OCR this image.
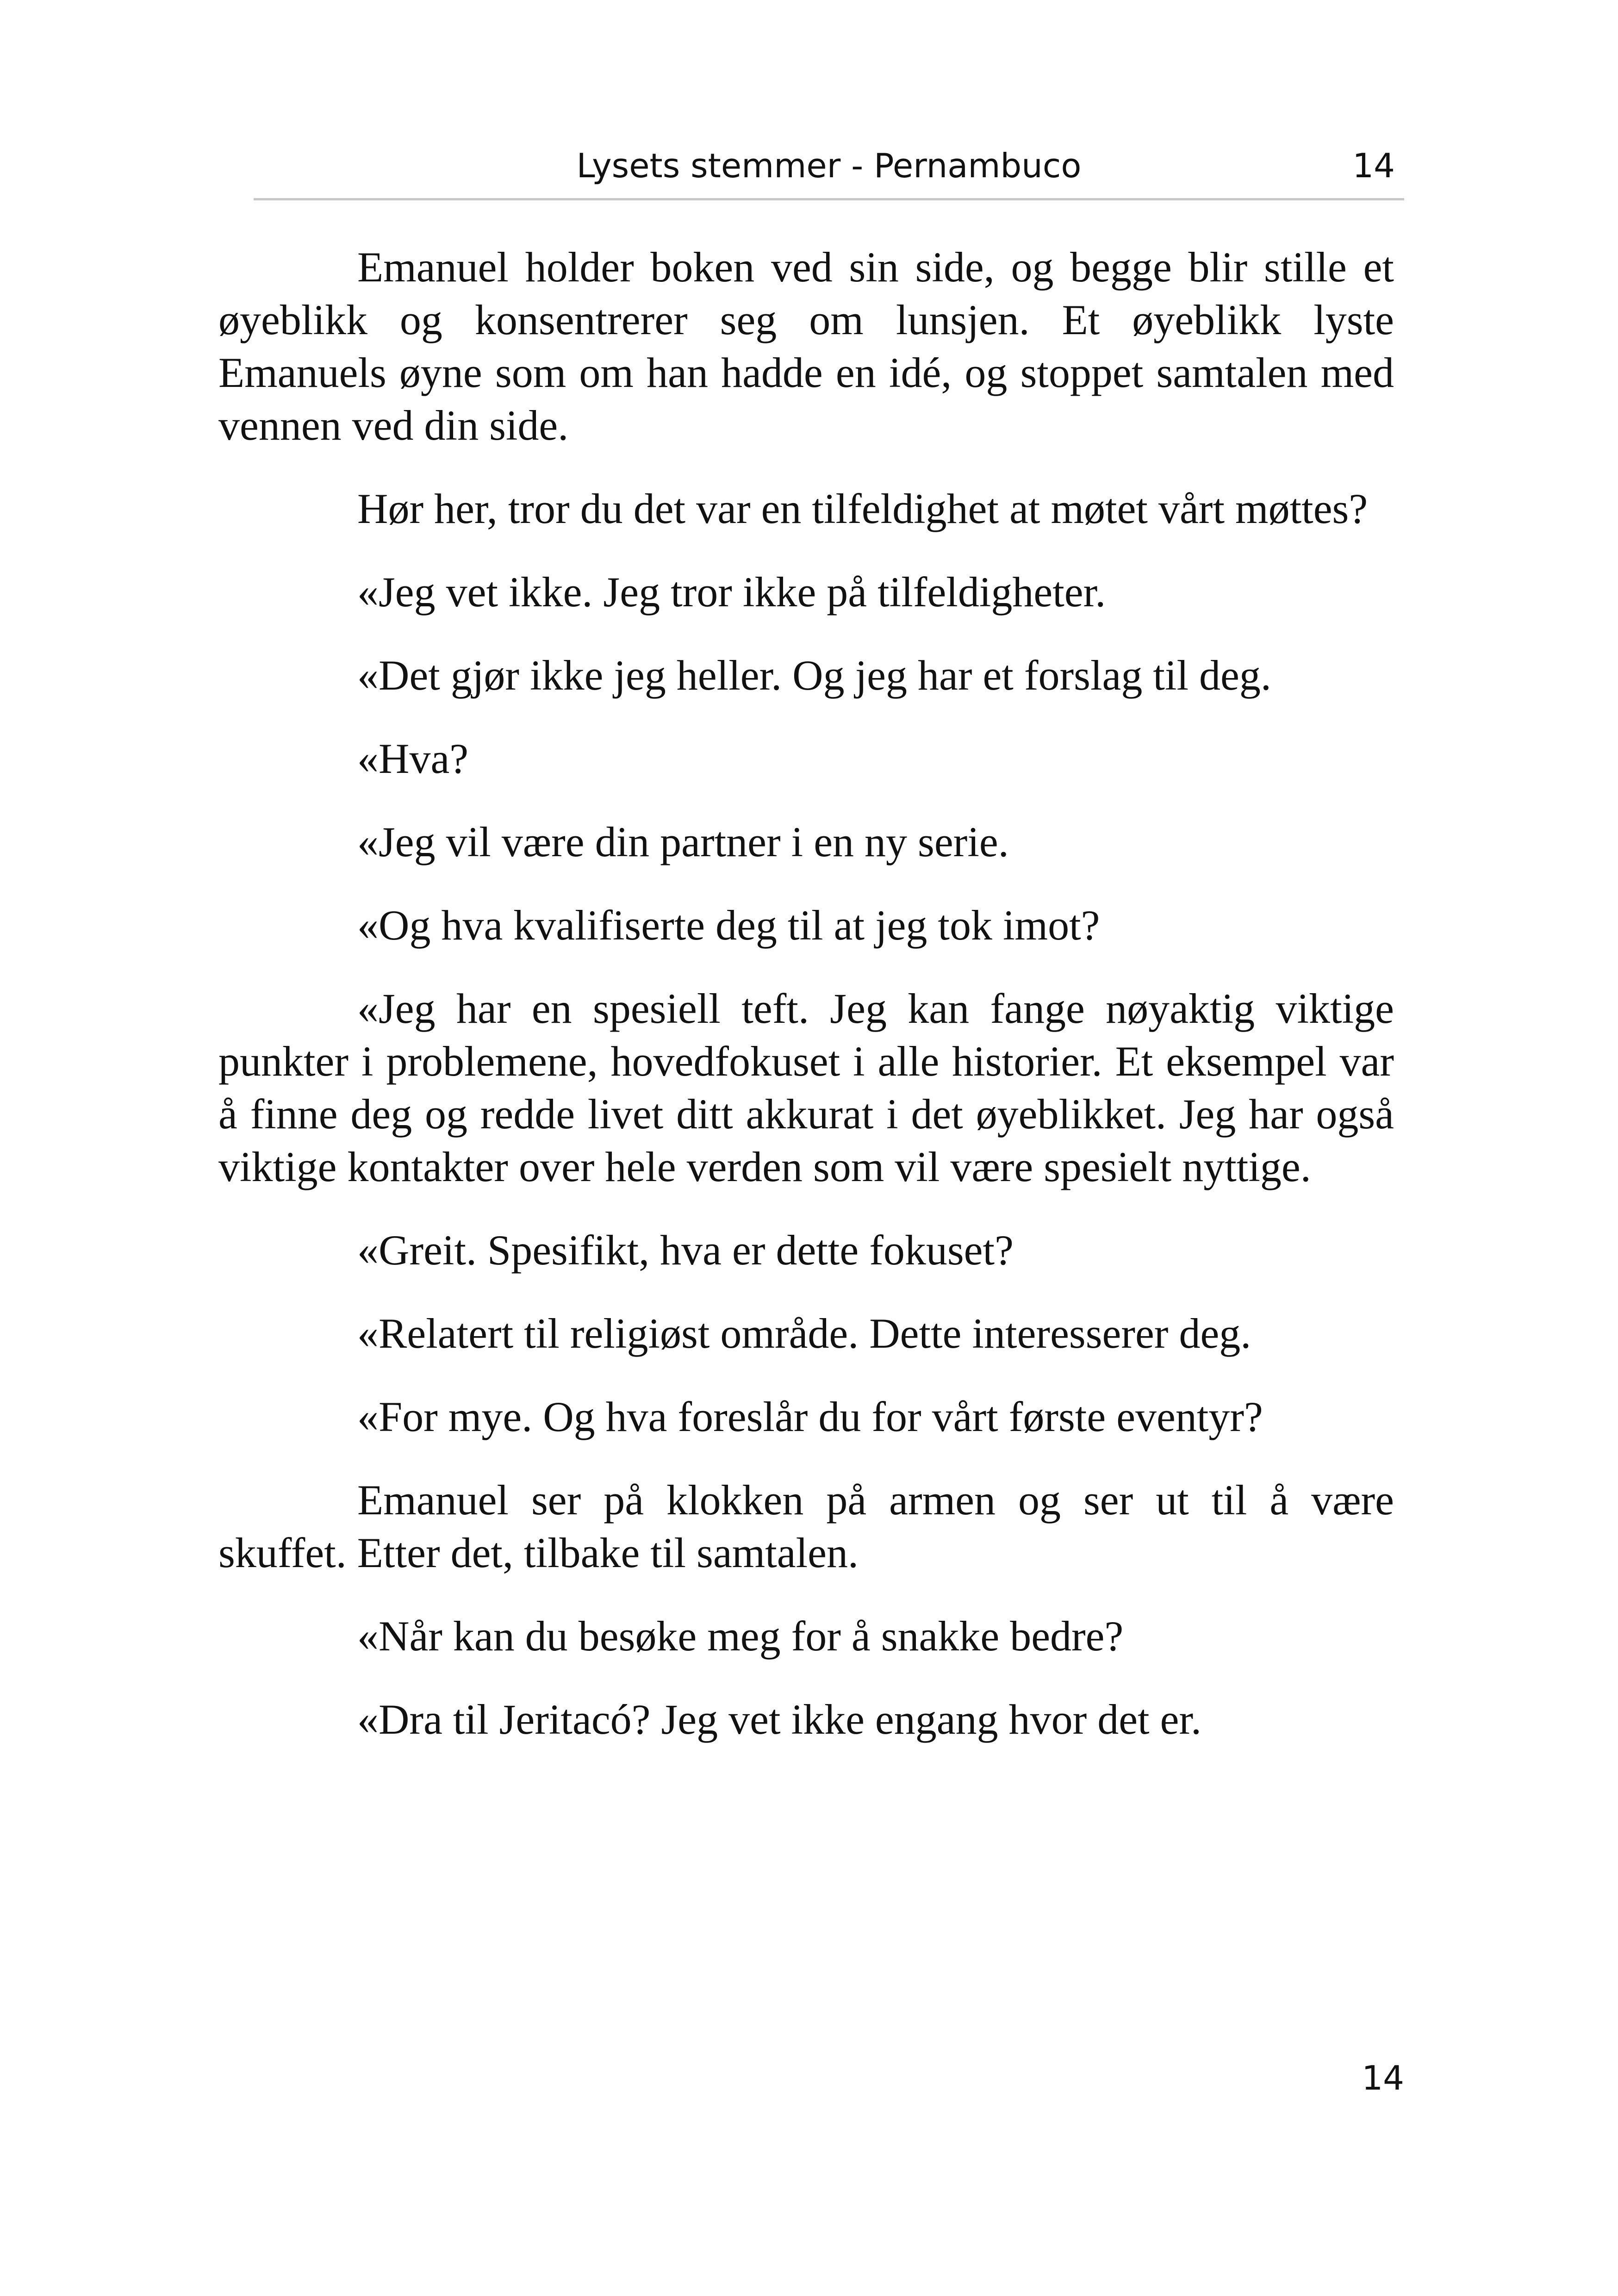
Lysets stemmer - Pernambuco	14

Emanuel holder boken ved sin side, og begge blir stille et øyeblikk og konsentrerer seg om lunsjen. Et øyeblikk lyste Emanuels øyne som om han hadde en idé, og stoppet samtalen med vennen ved din side.

Hør her, tror du det var en tilfeldighet at møtet vårt møttes?

«Jeg vet ikke. Jeg tror ikke på tilfeldigheter.

«Det gjør ikke jeg heller. Og jeg har et forslag til deg.

«Hva?

«Jeg vil være din partner i en ny serie.

«Og hva kvalifiserte deg til at jeg tok imot?

«Jeg har en spesiell teft. Jeg kan fange nøyaktig viktige punkter i problemene, hovedfokuset i alle historier. Et eksempel var å finne deg og redde livet ditt akkurat i det øyeblikket. Jeg har også viktige kontakter over hele verden som vil være spesielt nyttige.

«Greit. Spesifikt, hva er dette fokuset?

«Relatert til religiøst område. Dette interesserer deg.

«For mye. Og hva foreslår du for vårt første eventyr?

Emanuel ser på klokken på armen og ser ut til å være skuffet. Etter det, tilbake til samtalen.

«Når kan du besøke meg for å snakke bedre?

«Dra til Jeritacó? Jeg vet ikke engang hvor det er.

14
